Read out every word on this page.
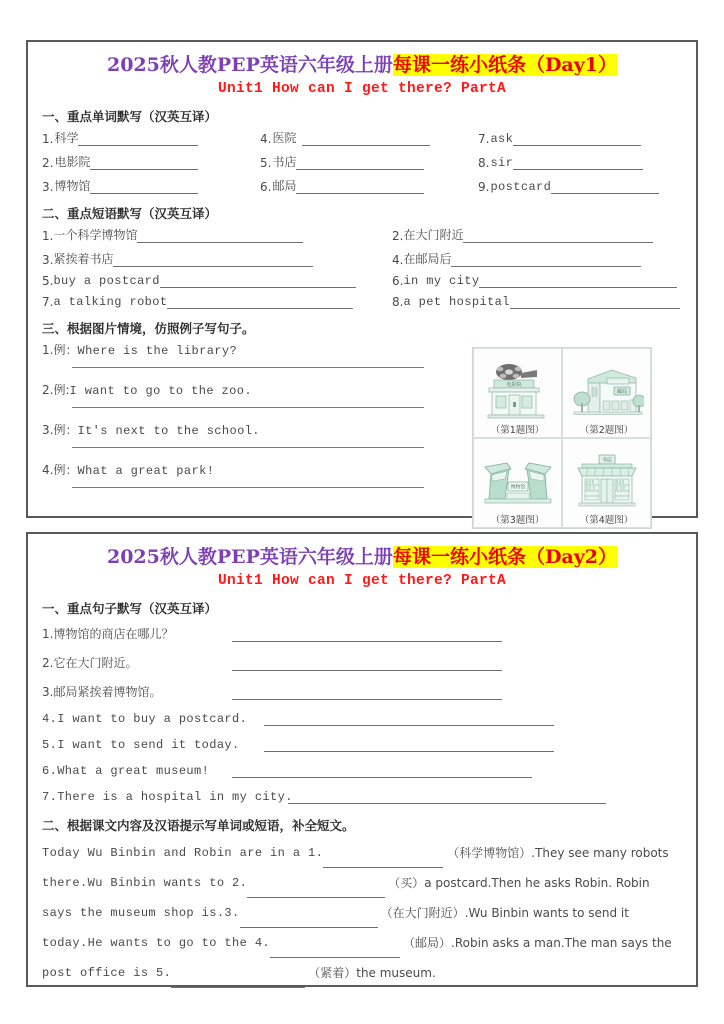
2025秋人教PEP英语六年级上册每课一练小纸条（Day1）
Unit1 How can I get there? PartA
一、重点单词默写（汉英互译）
1. 科学	4. 医院	7. ask
2. 电影院	5. 书店	8. sir
3. 博物馆	6. 邮局	9. postcard
二、重点短语默写（汉英互译）
1. 一个科学博物馆	2. 在大门附近
3. 紧挨着书店	4. 在邮局后
5. buy a postcard	6. in my city
7. a talking robot	8. a pet hospital
三、根据图片情境，仿照例子写句子。
1.例：Where is the library?
2.例:I want to go to the zoo.
3.例：It's next to the school.
4.例：What a great park!
电影院
（第1题图）
邮局
（第2题图）
博物馆
（第3题图）
书店
（第4题图）
2025秋人教PEP英语六年级上册每课一练小纸条（Day2）
Unit1 How can I get there? PartA
一、重点句子默写（汉英互译）
1.博物馆的商店在哪儿？
2.它在大门附近。
3.邮局紧挨着博物馆。
4.I want to buy a postcard.
5.I want to send it today.
6.What a great museum!
7.There is a hospital in my city.
二、根据课文内容及汉语提示写单词或短语，补全短文。
Today Wu Binbin and Robin are in a 1.	（科学博物馆）.They see many robots
there.Wu Binbin wants to 2.	（买）a postcard.Then he asks Robin. Robin
says the museum shop is.3.	（在大门附近）.Wu Binbin wants to send it
today.He wants to go to the 4.	（邮局）.Robin asks a man.The man says the
post office is 5.	（紧着）the museum.
